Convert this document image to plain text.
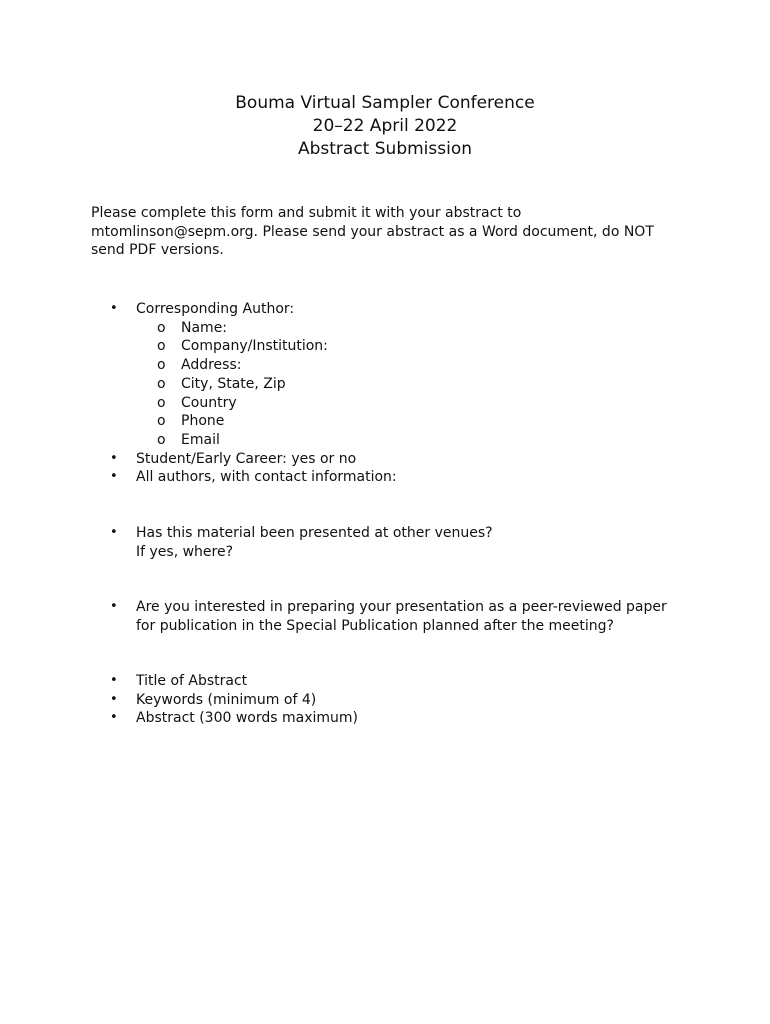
Bouma Virtual Sampler Conference
20–22 April 2022
Abstract Submission
Please complete this form and submit it with your abstract to
mtomlinson@sepm.org. Please send your abstract as a Word document, do NOT
send PDF versions.
• Corresponding Author:
o Name:
o Company/Institution:
o Address:
o City, State, Zip
o Country
o Phone
o Email
• Student/Early Career: yes or no
• All authors, with contact information:
• Has this material been presented at other venues?
If yes, where?
• Are you interested in preparing your presentation as a peer-reviewed paper
for publication in the Special Publication planned after the meeting?
• Title of Abstract
• Keywords (minimum of 4)
• Abstract (300 words maximum)
